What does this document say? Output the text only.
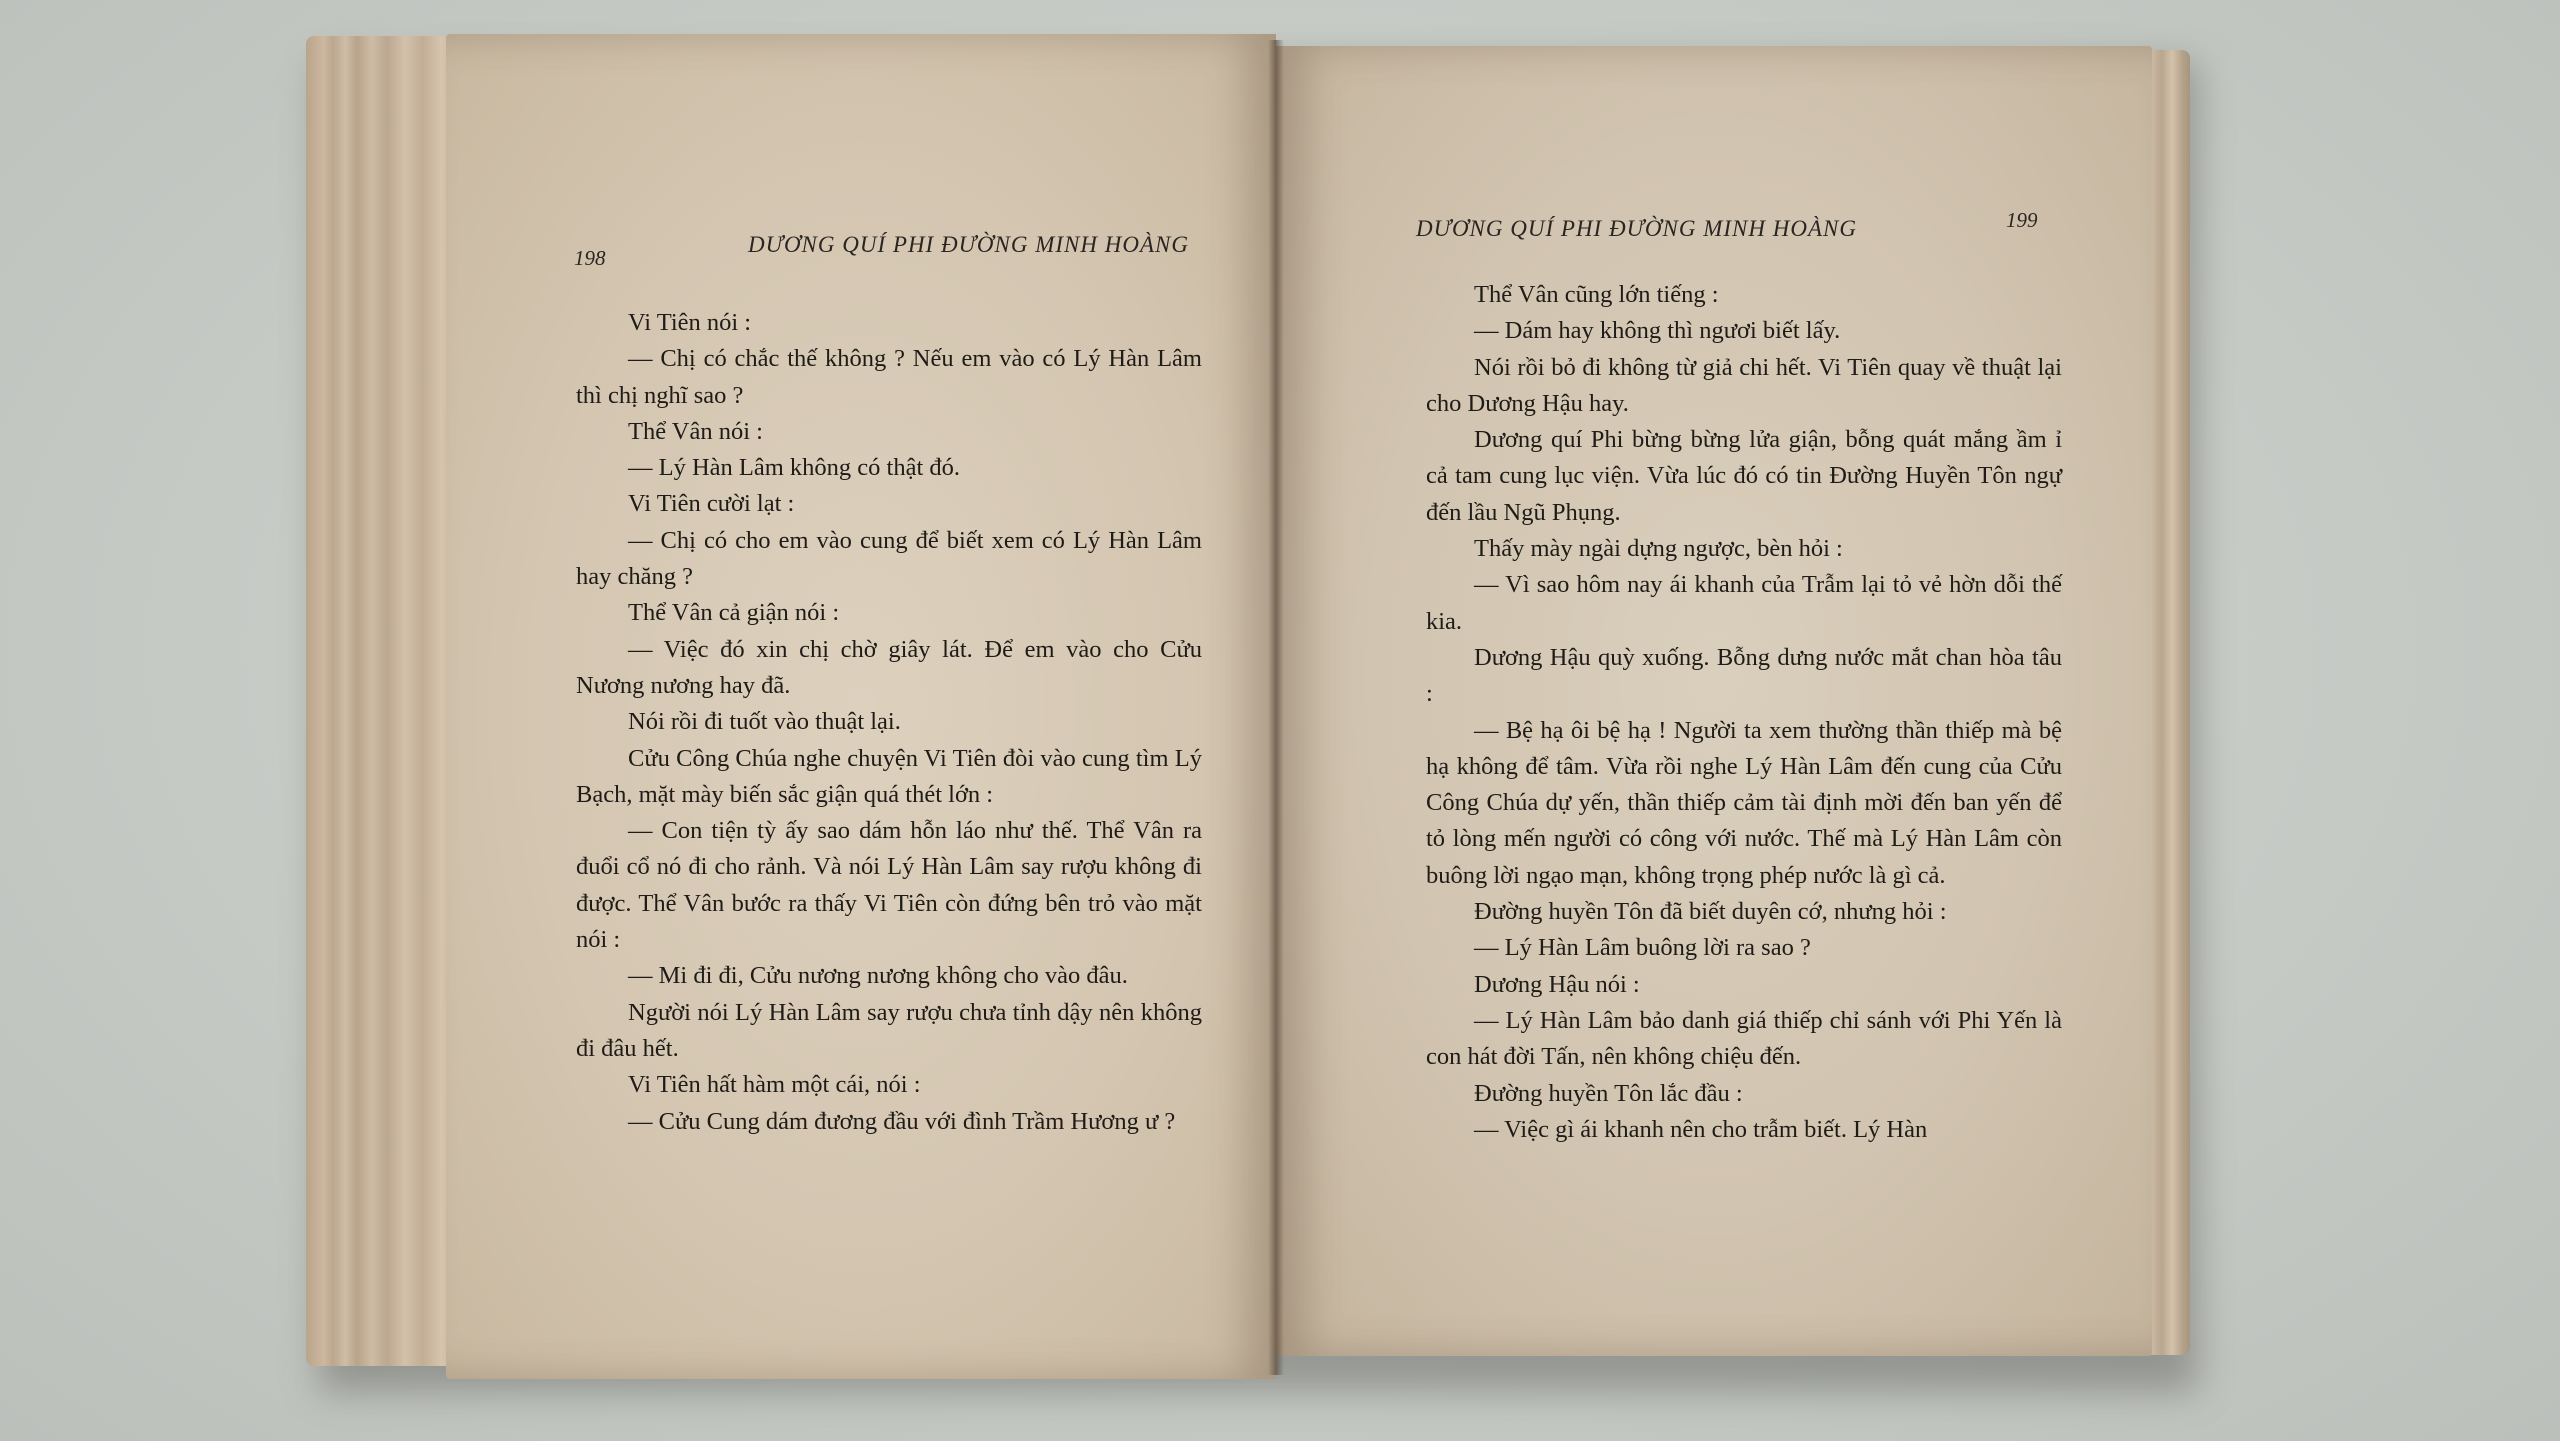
198
DƯƠNG QUÍ PHI ĐƯỜNG MINH HOÀNG
DƯƠNG QUÍ PHI ĐƯỜNG MINH HOÀNG	199

Vi Tiên nói :

— Chị có chắc thế không ? Nếu em vào có Lý Hàn Lâm thì chị nghĩ sao ?

Thể Vân nói :

— Lý Hàn Lâm không có thật đó.

Vi Tiên cười lạt :

— Chị có cho em vào cung để biết xem có Lý Hàn Lâm hay chăng ?

Thể Vân cả giận nói :

— Việc đó xin chị chờ giây lát. Để em vào cho Cửu Nương nương hay đã.

Nói rồi đi tuốt vào thuật lại.

Cửu Công Chúa nghe chuyện Vi Tiên đòi vào cung tìm Lý Bạch, mặt mày biến sắc giận quá thét lớn :

— Con tiện tỳ ấy sao dám hỗn láo như thế. Thể Vân ra đuổi cổ nó đi cho rảnh. Và nói Lý Hàn Lâm say rượu không đi được. Thể Vân bước ra thấy Vi Tiên còn đứng bên trỏ vào mặt nói :

— Mi đi đi, Cửu nương nương không cho vào đâu.

Người nói Lý Hàn Lâm say rượu chưa tỉnh dậy nên không đi đâu hết.

Vi Tiên hất hàm một cái, nói :

— Cửu Cung dám đương đầu với đình Trầm Hương ư ?

Thể Vân cũng lớn tiếng :

— Dám hay không thì ngươi biết lấy.

Nói rồi bỏ đi không từ giả chi hết. Vi Tiên quay về thuật lại cho Dương Hậu hay.

Dương quí Phi bừng bừng lửa giận, bỗng quát mắng ầm ỉ cả tam cung lục viện. Vừa lúc đó có tin Đường Huyền Tôn ngự đến lầu Ngũ Phụng.

Thấy mày ngài dựng ngược, bèn hỏi :

— Vì sao hôm nay ái khanh của Trẫm lại tỏ vẻ hờn dỗi thế kia.

Dương Hậu quỳ xuống. Bỗng dưng nước mắt chan hòa tâu :

— Bệ hạ ôi bệ hạ ! Người ta xem thường thần thiếp mà bệ hạ không để tâm. Vừa rồi nghe Lý Hàn Lâm đến cung của Cửu Công Chúa dự yến, thần thiếp cảm tài định mời đến ban yến để tỏ lòng mến người có công với nước. Thế mà Lý Hàn Lâm còn buông lời ngạo mạn, không trọng phép nước là gì cả.

Đường huyền Tôn đã biết duyên cớ, nhưng hỏi :

— Lý Hàn Lâm buông lời ra sao ?

Dương Hậu nói :

— Lý Hàn Lâm bảo danh giá thiếp chỉ sánh với Phi Yến là con hát đời Tấn, nên không chiệu đến.

Đường huyền Tôn lắc đầu :

— Việc gì ái khanh nên cho trẫm biết. Lý Hàn
